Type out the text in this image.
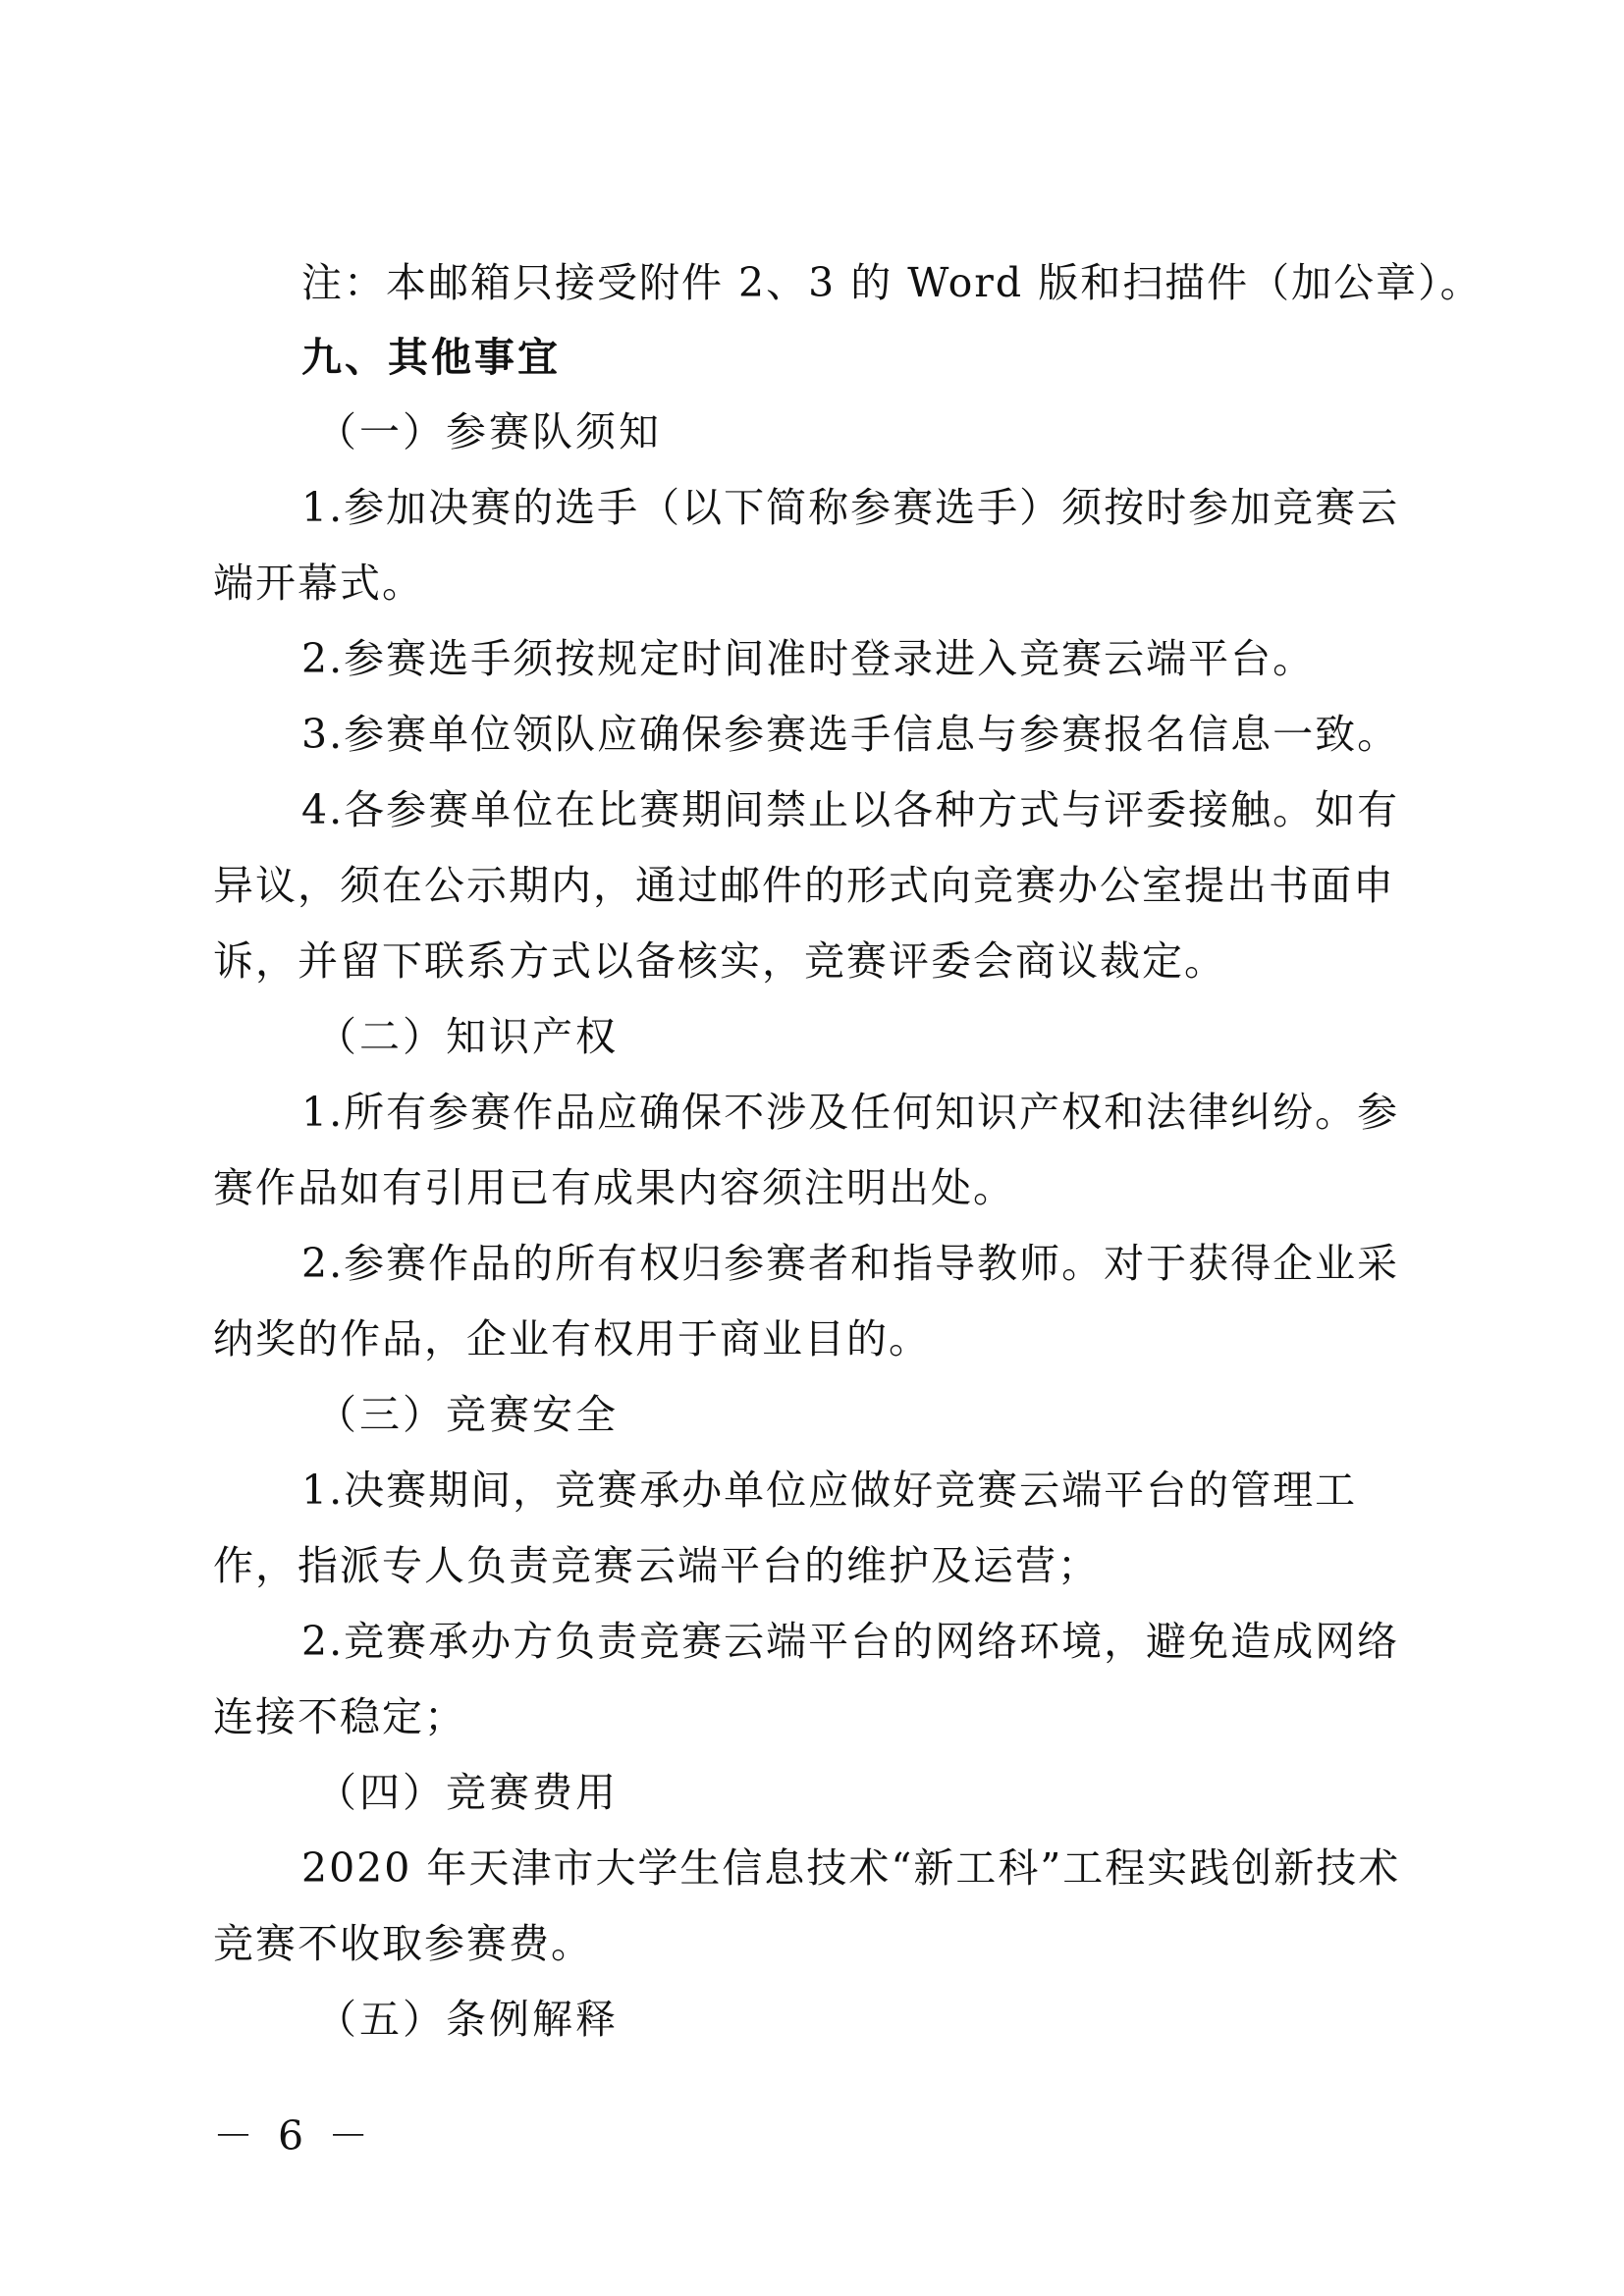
注：本邮箱只接受附件 2、3 的 Word 版和扫描件（加公章）。
九、其他事宜
（一）参赛队须知
1.参加决赛的选手（以下简称参赛选手）须按时参加竞赛云
端开幕式。
2.参赛选手须按规定时间准时登录进入竞赛云端平台。
3.参赛单位领队应确保参赛选手信息与参赛报名信息一致。
4.各参赛单位在比赛期间禁止以各种方式与评委接触。如有
异议，须在公示期内，通过邮件的形式向竞赛办公室提出书面申
诉，并留下联系方式以备核实，竞赛评委会商议裁定。
（二）知识产权
1.所有参赛作品应确保不涉及任何知识产权和法律纠纷。参
赛作品如有引用已有成果内容须注明出处。
2.参赛作品的所有权归参赛者和指导教师。对于获得企业采
纳奖的作品，企业有权用于商业目的。
（三）竞赛安全
1.决赛期间，竞赛承办单位应做好竞赛云端平台的管理工
作，指派专人负责竞赛云端平台的维护及运营；
2.竞赛承办方负责竞赛云端平台的网络环境，避免造成网络
连接不稳定；
（四）竞赛费用
2020 年天津市大学生信息技术“新工科”工程实践创新技术
竞赛不收取参赛费。
（五）条例解释
－ 6 －
